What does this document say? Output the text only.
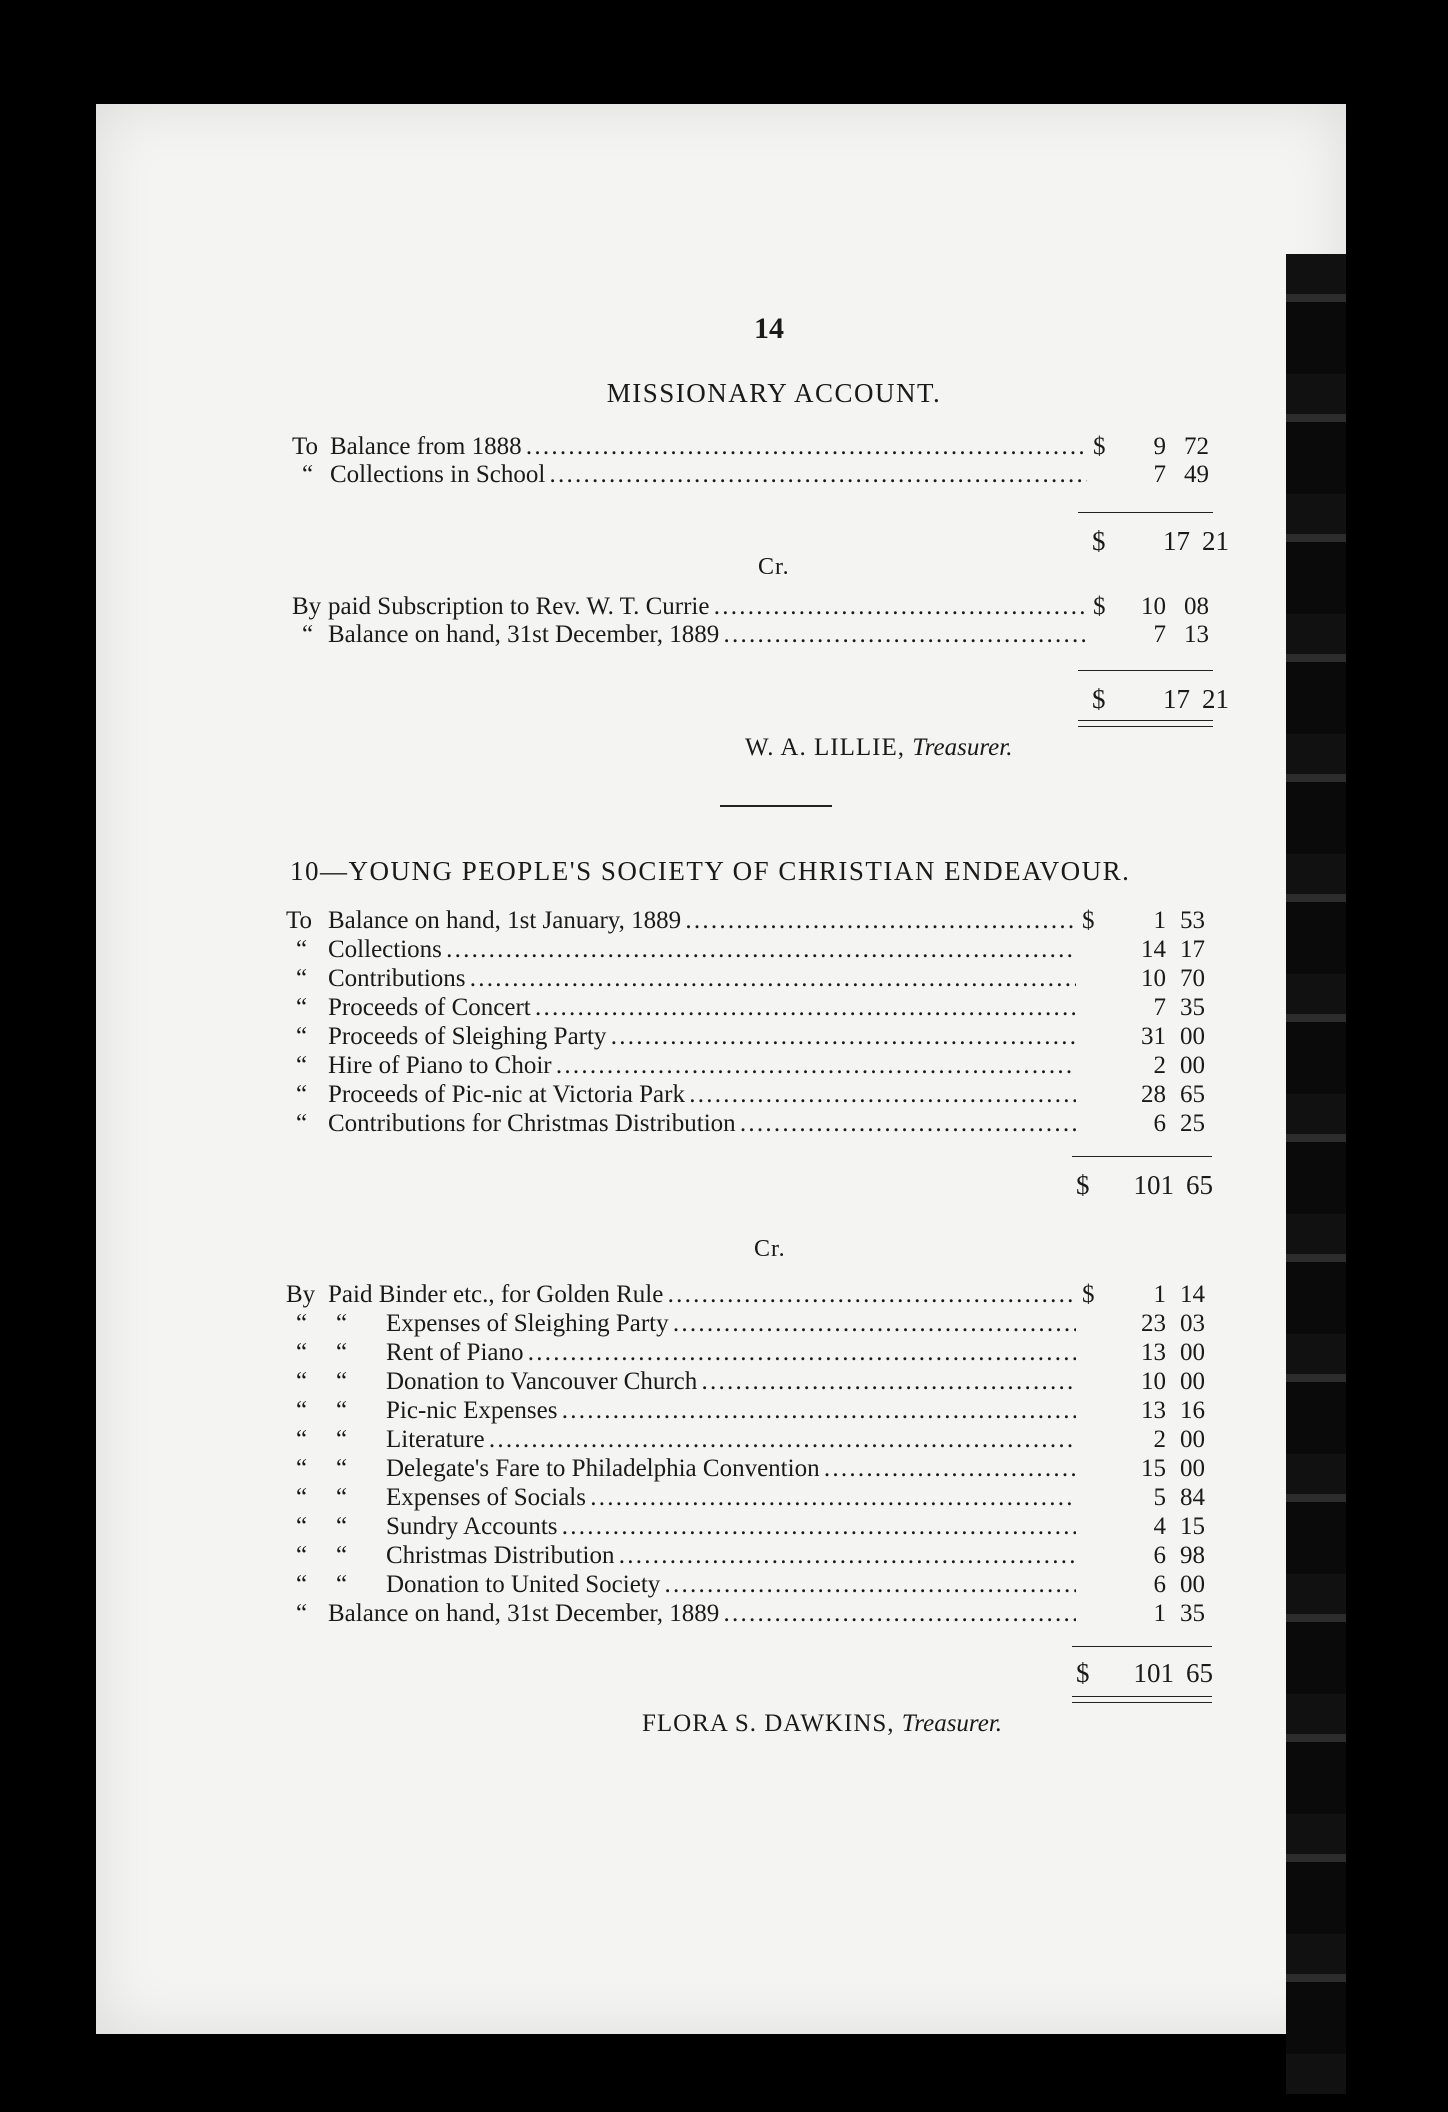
14
MISSIONARY ACCOUNT.
To Balance from 1888 . . .	$	9 72
“ Collections in School . . .	7 49
$	17 21
Cr.
By paid Subscription to Rev. W. T. Currie . . .	$	10 08
“ Balance on hand, 31st December, 1889 . . .	7 13
$	17 21
W. A. LILLIE, Treasurer.
10—YOUNG PEOPLE'S SOCIETY OF CHRISTIAN ENDEAVOUR.
To Balance on hand, 1st January, 1889 . . .	$	1 53
“ Collections . . .	14 17
“ Contributions . . .	10 70
“ Proceeds of Concert . . .	7 35
“ Proceeds of Sleighing Party . . .	31 00
“ Hire of Piano to Choir . . .	2 00
“ Proceeds of Pic-nic at Victoria Park . . .	28 65
“ Contributions for Christmas Distribution . . .	6 25
$	101 65
Cr.
By Paid Binder etc., for Golden Rule . . .	$	1 14
“ “ Expenses of Sleighing Party . . .	23 03
“ “ Rent of Piano . . .	13 00
“ “ Donation to Vancouver Church . . .	10 00
“ “ Pic-nic Expenses . . .	13 16
“ “ Literature . . .	2 00
“ “ Delegate's Fare to Philadelphia Convention . . .	15 00
“ “ Expenses of Socials . . .	5 84
“ “ Sundry Accounts . . .	4 15
“ “ Christmas Distribution . . .	6 98
“ “ Donation to United Society . . .	6 00
“ Balance on hand, 31st December, 1889 . . .	1 35
$	101 65
FLORA S. DAWKINS, Treasurer.
